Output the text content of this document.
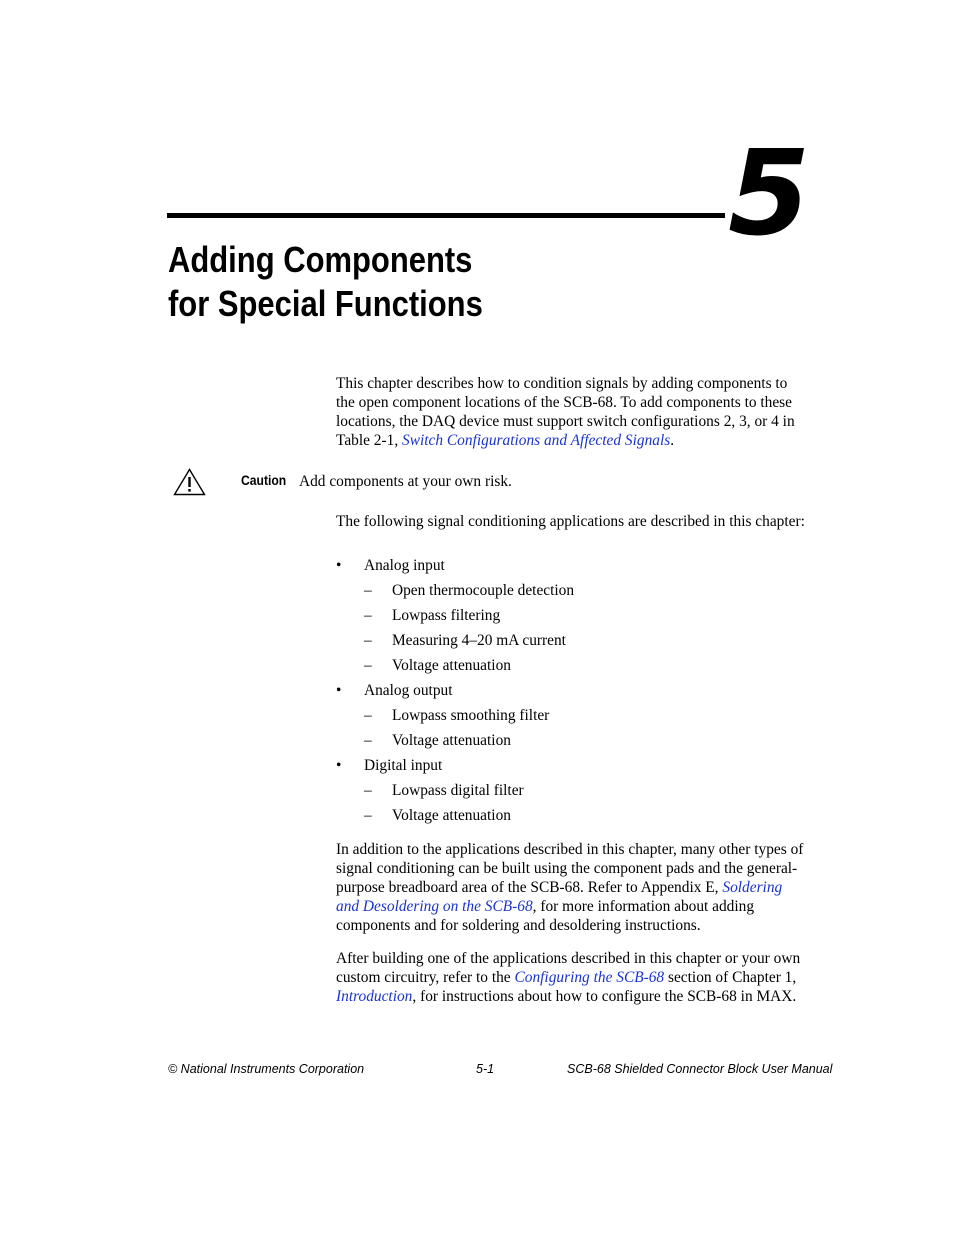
5
Adding Components
for Special Functions

This chapter describes how to condition signals by adding components to the open component locations of the SCB-68. To add components to these locations, the DAQ device must support switch configurations 2, 3, or 4 in Table 2-1, Switch Configurations and Affected Signals.

Caution Add components at your own risk.
The following signal conditioning applications are described in this chapter:
• Analog input
– Open thermocouple detection
– Lowpass filtering
– Measuring 4–20 mA current
– Voltage attenuation
• Analog output
– Lowpass smoothing filter
– Voltage attenuation
• Digital input
– Lowpass digital filter
– Voltage attenuation

In addition to the applications described in this chapter, many other types of signal conditioning can be built using the component pads and the general-purpose breadboard area of the SCB-68. Refer to Appendix E, Soldering and Desoldering on the SCB-68, for more information about adding components and for soldering and desoldering instructions.

After building one of the applications described in this chapter or your own custom circuitry, refer to the Configuring the SCB-68 section of Chapter 1, Introduction, for instructions about how to configure the SCB-68 in MAX.

© National Instruments Corporation	5-1	SCB-68 Shielded Connector Block User Manual
